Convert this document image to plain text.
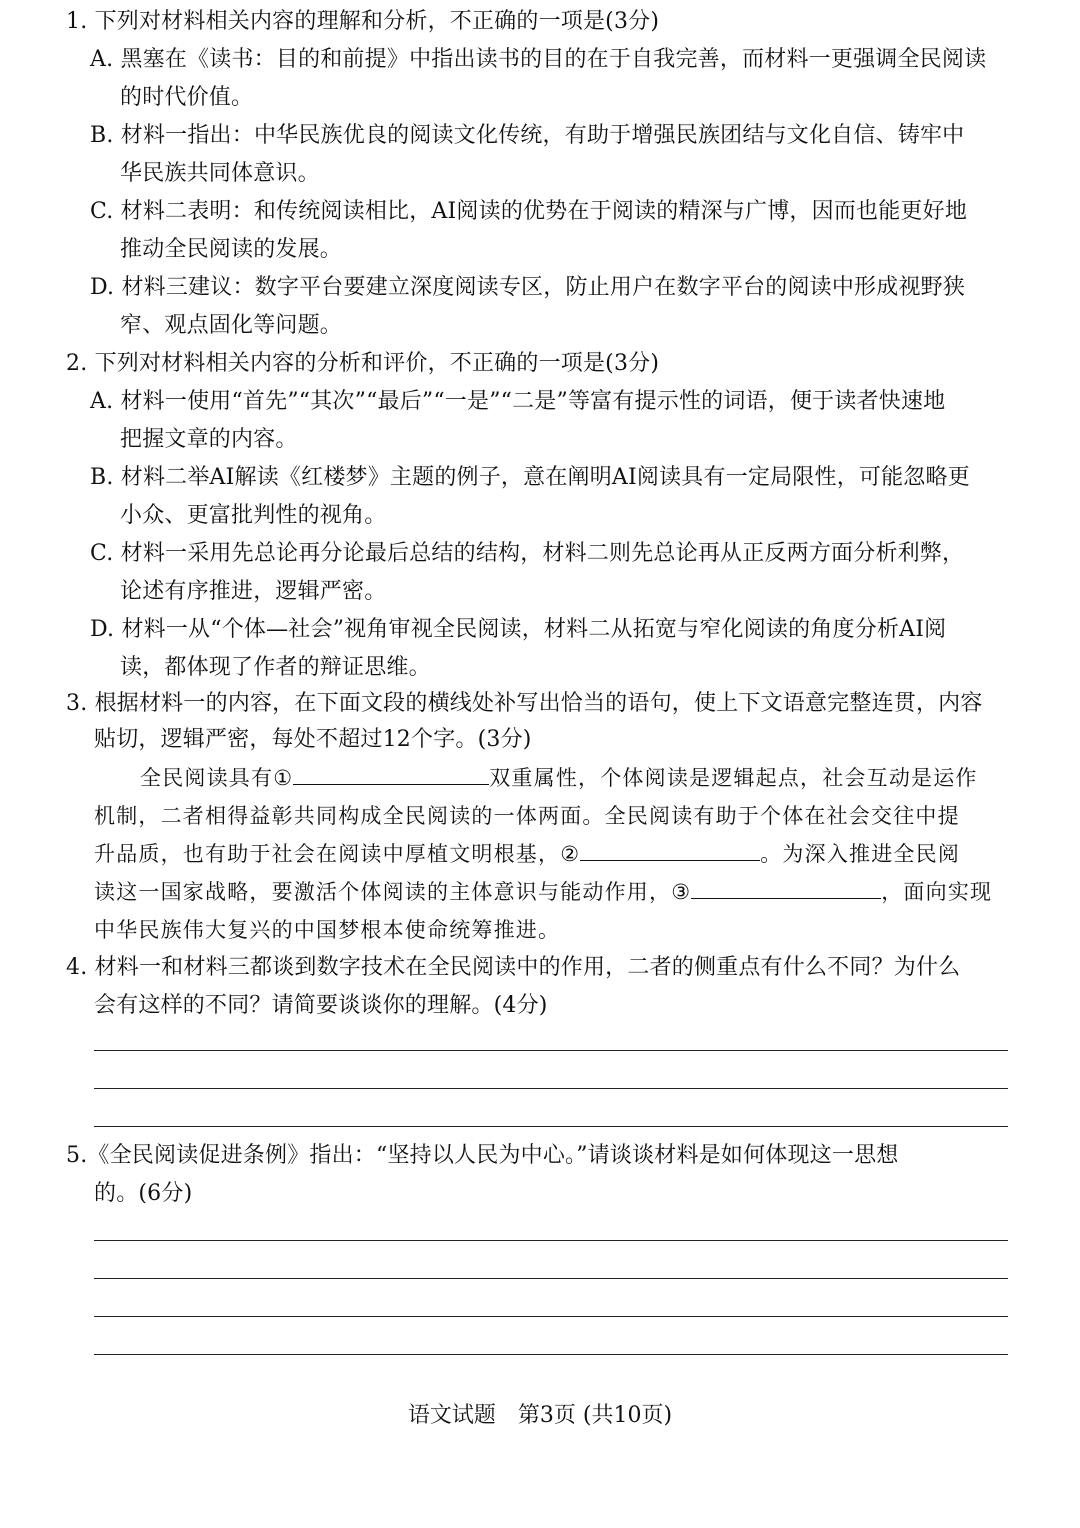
1. 下列对材料相关内容的理解和分析，不正确的一项是(3分)
A. 黑塞在《读书：目的和前提》中指出读书的目的在于自我完善，而材料一更强调全民阅读
的时代价值。
B. 材料一指出：中华民族优良的阅读文化传统，有助于增强民族团结与文化自信、铸牢中
华民族共同体意识。
C. 材料二表明：和传统阅读相比，AI阅读的优势在于阅读的精深与广博，因而也能更好地
推动全民阅读的发展。
D. 材料三建议：数字平台要建立深度阅读专区，防止用户在数字平台的阅读中形成视野狭
窄、观点固化等问题。
2. 下列对材料相关内容的分析和评价，不正确的一项是(3分)
A. 材料一使用“首先”“其次”“最后”“一是”“二是”等富有提示性的词语，便于读者快速地
把握文章的内容。
B. 材料二举AI解读《红楼梦》主题的例子，意在阐明AI阅读具有一定局限性，可能忽略更
小众、更富批判性的视角。
C. 材料一采用先总论再分论最后总结的结构，材料二则先总论再从正反两方面分析利弊，
论述有序推进，逻辑严密。
D. 材料一从“个体—社会”视角审视全民阅读，材料二从拓宽与窄化阅读的角度分析AI阅
读，都体现了作者的辩证思维。
3. 根据材料一的内容，在下面文段的横线处补写出恰当的语句，使上下文语意完整连贯，内容
贴切，逻辑严密，每处不超过12个字。(3分)
全民阅读具有①	双重属性，个体阅读是逻辑起点，社会互动是运作
机制，二者相得益彰共同构成全民阅读的一体两面。全民阅读有助于个体在社会交往中提
升品质，也有助于社会在阅读中厚植文明根基，②	。为深入推进全民阅
读这一国家战略，要激活个体阅读的主体意识与能动作用，③	，面向实现
中华民族伟大复兴的中国梦根本使命统筹推进。
4. 材料一和材料三都谈到数字技术在全民阅读中的作用，二者的侧重点有什么不同？为什么
会有这样的不同？请简要谈谈你的理解。(4分)
5.《全民阅读促进条例》指出：“坚持以人民为中心。”请谈谈材料是如何体现这一思想
的。(6分)
语文试题　第3页 (共10页)
